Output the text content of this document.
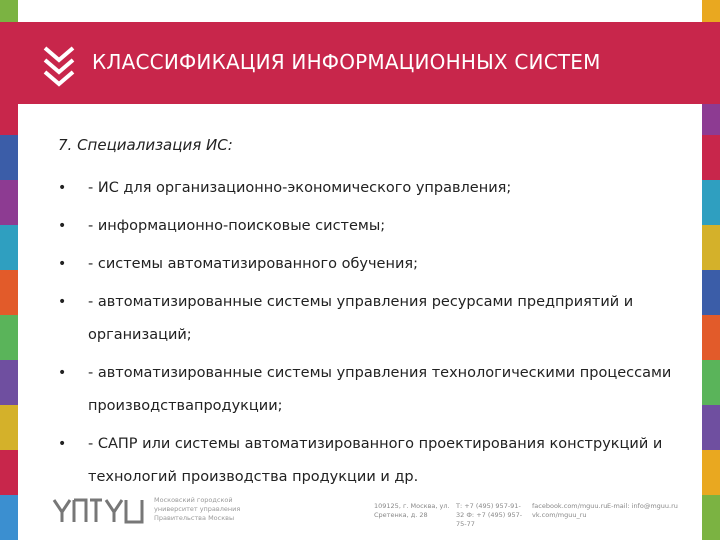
КЛАССИФИКАЦИЯ ИНФОРМАЦИОННЫХ СИСТЕМ
7. Специализация ИС:
• - ИС для организационно-экономического управления;
• - информационно-поисковые системы;
• - системы автоматизированного обучения;
• - автоматизированные системы управления ресурсами предприятий и организаций;
• - автоматизированные системы управления технологическими процессами производствапродукции;
• - САПР или системы автоматизированного проектирования конструкций и технологий производства продукции и др.
Московский городской университет управления Правительства Москвы
109125, г. Москва, ул. Сретенка, д. 28
Т: +7 (495) 957-91-32 Ф: +7 (495) 957-75-77
facebook.com/mguu.ru vk.com/mguu_ru
E-mail: info@mguu.ru
